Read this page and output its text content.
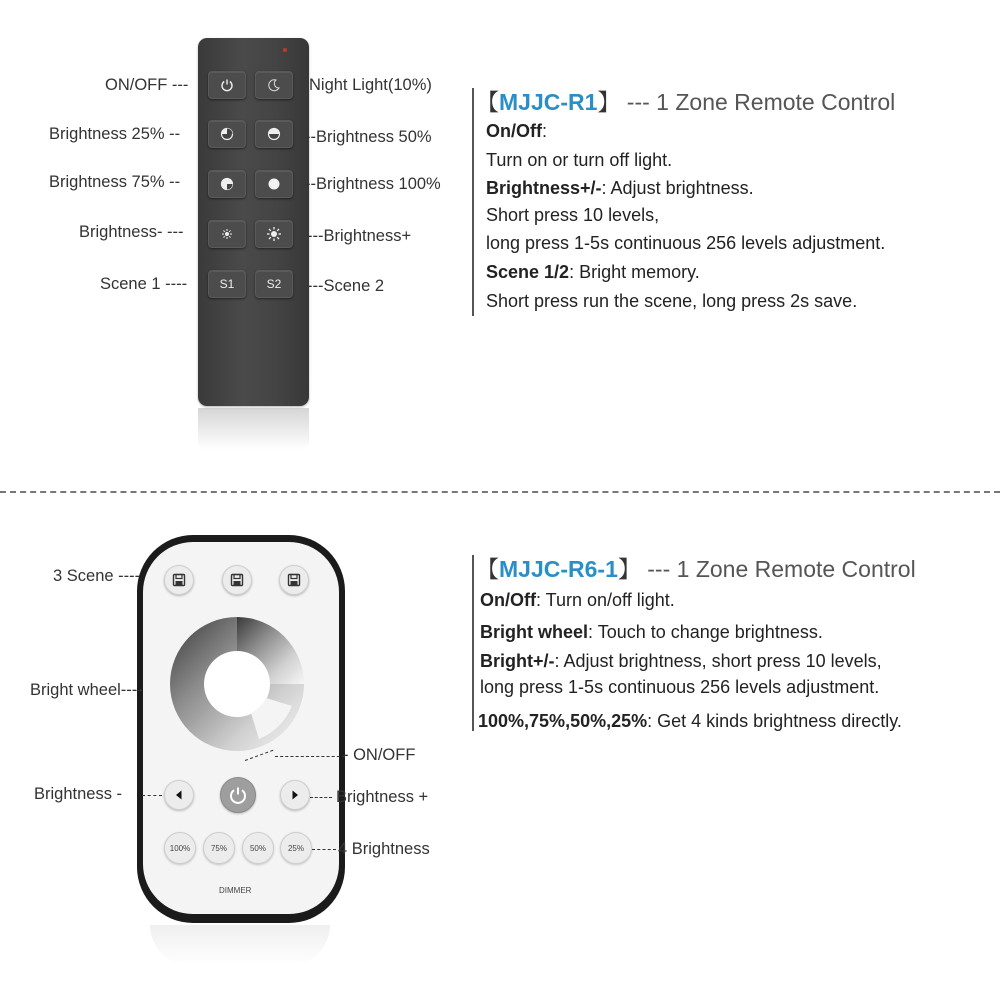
S1	S2
ON/OFF ---
Brightness 25% --
Brightness 75% --
Brightness- ---
Scene 1 ----
Night Light(10%)
--Brightness 50%
--Brightness 100%
---Brightness+
---Scene 2
【MJJC-R1】 --- 1 Zone Remote Control
On/Off:
Turn on or turn off light.
Brightness+/-: Adjust brightness.
Short press 10 levels,
long press 1-5s continuous 256 levels adjustment.
Scene 1/2: Bright memory.
Short press run the scene, long press 2s save.
100%	75%	50%	25%
DIMMER
3 Scene ----
Bright wheel----
- ON/OFF
Brightness -	Brightness +
4 Brightness
【MJJC-R6-1】 --- 1 Zone Remote Control
On/Off: Turn on/off light.
Bright wheel: Touch to change brightness.
Bright+/-: Adjust brightness, short press 10 levels,
long press 1-5s continuous 256 levels adjustment.
100%,75%,50%,25%: Get 4 kinds brightness directly.
